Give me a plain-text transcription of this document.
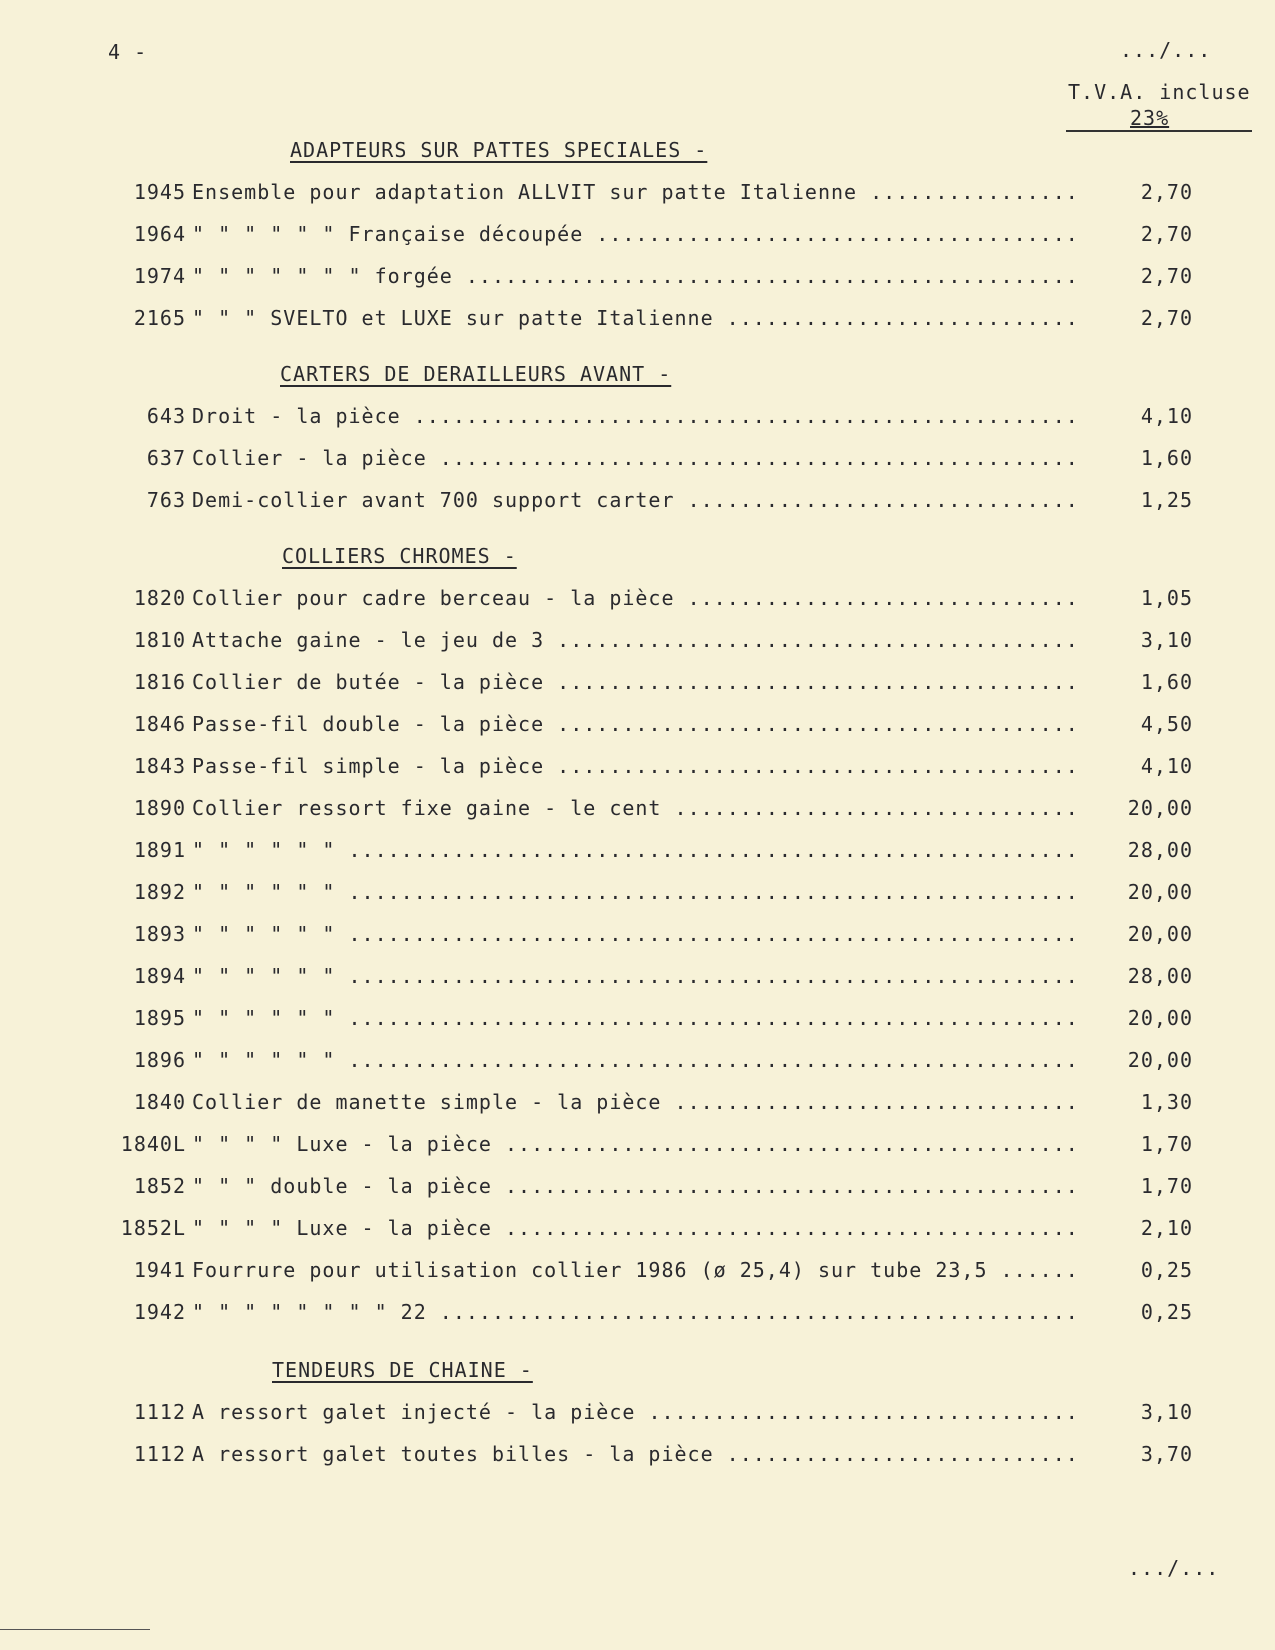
4 -	.../...
T.V.A. incluse
23%
ADAPTEURS SUR PATTES SPECIALES -
1945 Ensemble pour adaptation ALLVIT sur patte Italienne .....	2,70
1964 " " " " " " Française découpée .....	2,70
1974 " " " " " " " forgée .....	2,70
2165 " " " SVELTO et LUXE sur patte Italienne .....	2,70
CARTERS DE DERAILLEURS AVANT -
643 Droit - la pièce .....	4,10
637 Collier - la pièce .....	1,60
763 Demi-collier avant 700 support carter .....	1,25
COLLIERS CHROMES -
1820 Collier pour cadre berceau - la pièce .....	1,05
1810 Attache gaine - le jeu de 3 .....	3,10
1816 Collier de butée - la pièce .....	1,60
1846 Passe-fil double - la pièce .....	4,50
1843 Passe-fil simple - la pièce .....	4,10
1890 Collier ressort fixe gaine - le cent .....	20,00
1891 " " " " " " .....	28,00
1892 " " " " " " .....	20,00
1893 " " " " " " .....	20,00
1894 " " " " " " .....	28,00
1895 " " " " " " .....	20,00
1896 " " " " " " .....	20,00
1840 Collier de manette simple - la pièce .....	1,30
1840L " " " " Luxe - la pièce .....	1,70
1852 " " " double - la pièce .....	1,70
1852L " " " " Luxe - la pièce .....	2,10
1941 Fourrure pour utilisation collier 1986 (ø 25,4) sur tube 23,5 .....	0,25
1942 " " " " " " " " 22 .....	0,25
TENDEURS DE CHAINE -
1112 A ressort galet injecté - la pièce .....	3,10
1112 A ressort galet toutes billes - la pièce .....	3,70
.../...
